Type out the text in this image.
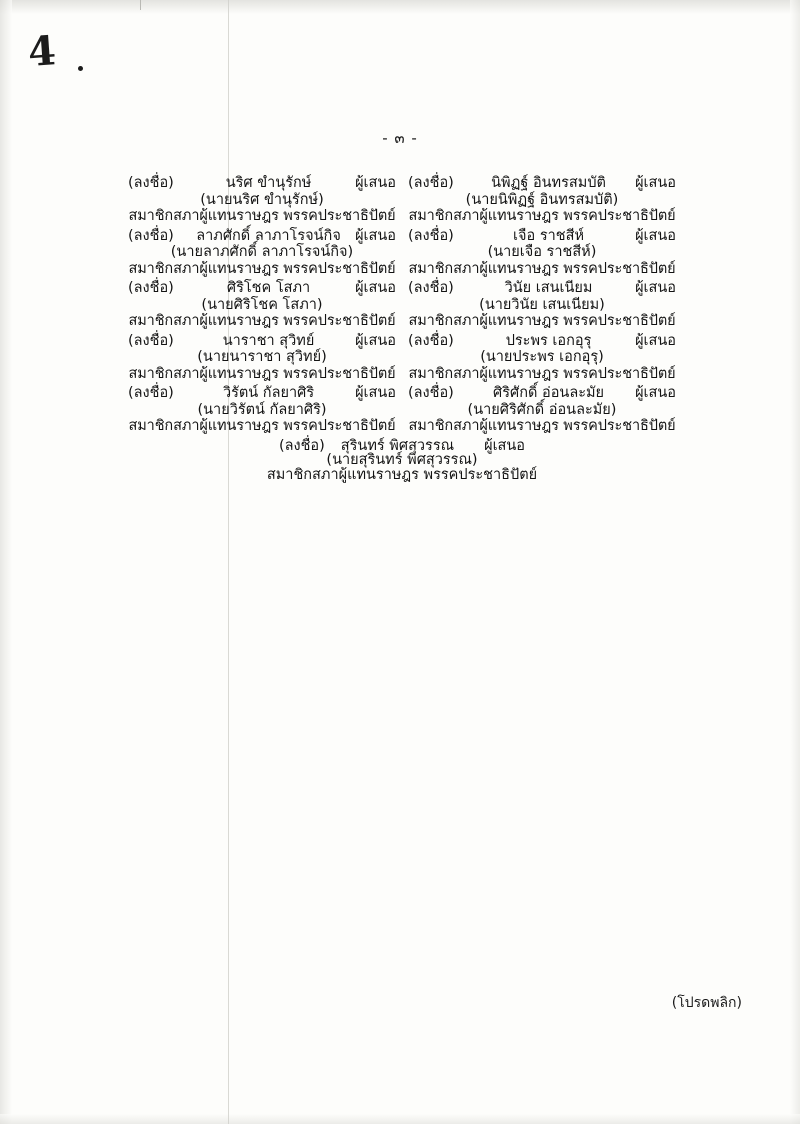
4
- ๓ -
(ลงชื่อ)	นริศ ขำนุรักษ์	ผู้เสนอ
(นายนริศ ขำนุรักษ์)
สมาชิกสภาผู้แทนราษฎร พรรคประชาธิปัตย์
(ลงชื่อ)	นิพิฏฐ์ อินทรสมบัติ	ผู้เสนอ
(นายนิพิฏฐ์ อินทรสมบัติ)
สมาชิกสภาผู้แทนราษฎร พรรคประชาธิปัตย์
(ลงชื่อ)	ลาภศักดิ์ ลาภาโรจน์กิจ ผู้เสนอ
(นายลาภศักดิ์ ลาภาโรจน์กิจ)
สมาชิกสภาผู้แทนราษฎร พรรคประชาธิปัตย์
(ลงชื่อ)	เจือ ราชสีห์	ผู้เสนอ
(นายเจือ ราชสีห์)
สมาชิกสภาผู้แทนราษฎร พรรคประชาธิปัตย์
(ลงชื่อ)	ศิริโชค โสภา	ผู้เสนอ
(นายศิริโชค โสภา)
สมาชิกสภาผู้แทนราษฎร พรรคประชาธิปัตย์
(ลงชื่อ)	วินัย เสนเนียม	ผู้เสนอ
(นายวินัย เสนเนียม)
สมาชิกสภาผู้แทนราษฎร พรรคประชาธิปัตย์
(ลงชื่อ)	นาราชา สุวิทย์	ผู้เสนอ
(นายนาราชา สุวิทย์)
สมาชิกสภาผู้แทนราษฎร พรรคประชาธิปัตย์
(ลงชื่อ)	ประพร เอกอุรุ	ผู้เสนอ
(นายประพร เอกอุรุ)
สมาชิกสภาผู้แทนราษฎร พรรคประชาธิปัตย์
(ลงชื่อ)	วิรัตน์ กัลยาศิริ	ผู้เสนอ
(นายวิรัตน์ กัลยาศิริ)
สมาชิกสภาผู้แทนราษฎร พรรคประชาธิปัตย์
(ลงชื่อ)	ศิริศักดิ์ อ่อนละมัย	ผู้เสนอ
(นายศิริศักดิ์ อ่อนละมัย)
สมาชิกสภาผู้แทนราษฎร พรรคประชาธิปัตย์
(ลงชื่อ) สุรินทร์ พิศสุวรรณ ผู้เสนอ
(นายสุรินทร์ พิศสุวรรณ)
สมาชิกสภาผู้แทนราษฎร พรรคประชาธิปัตย์
(โปรดพลิก)
